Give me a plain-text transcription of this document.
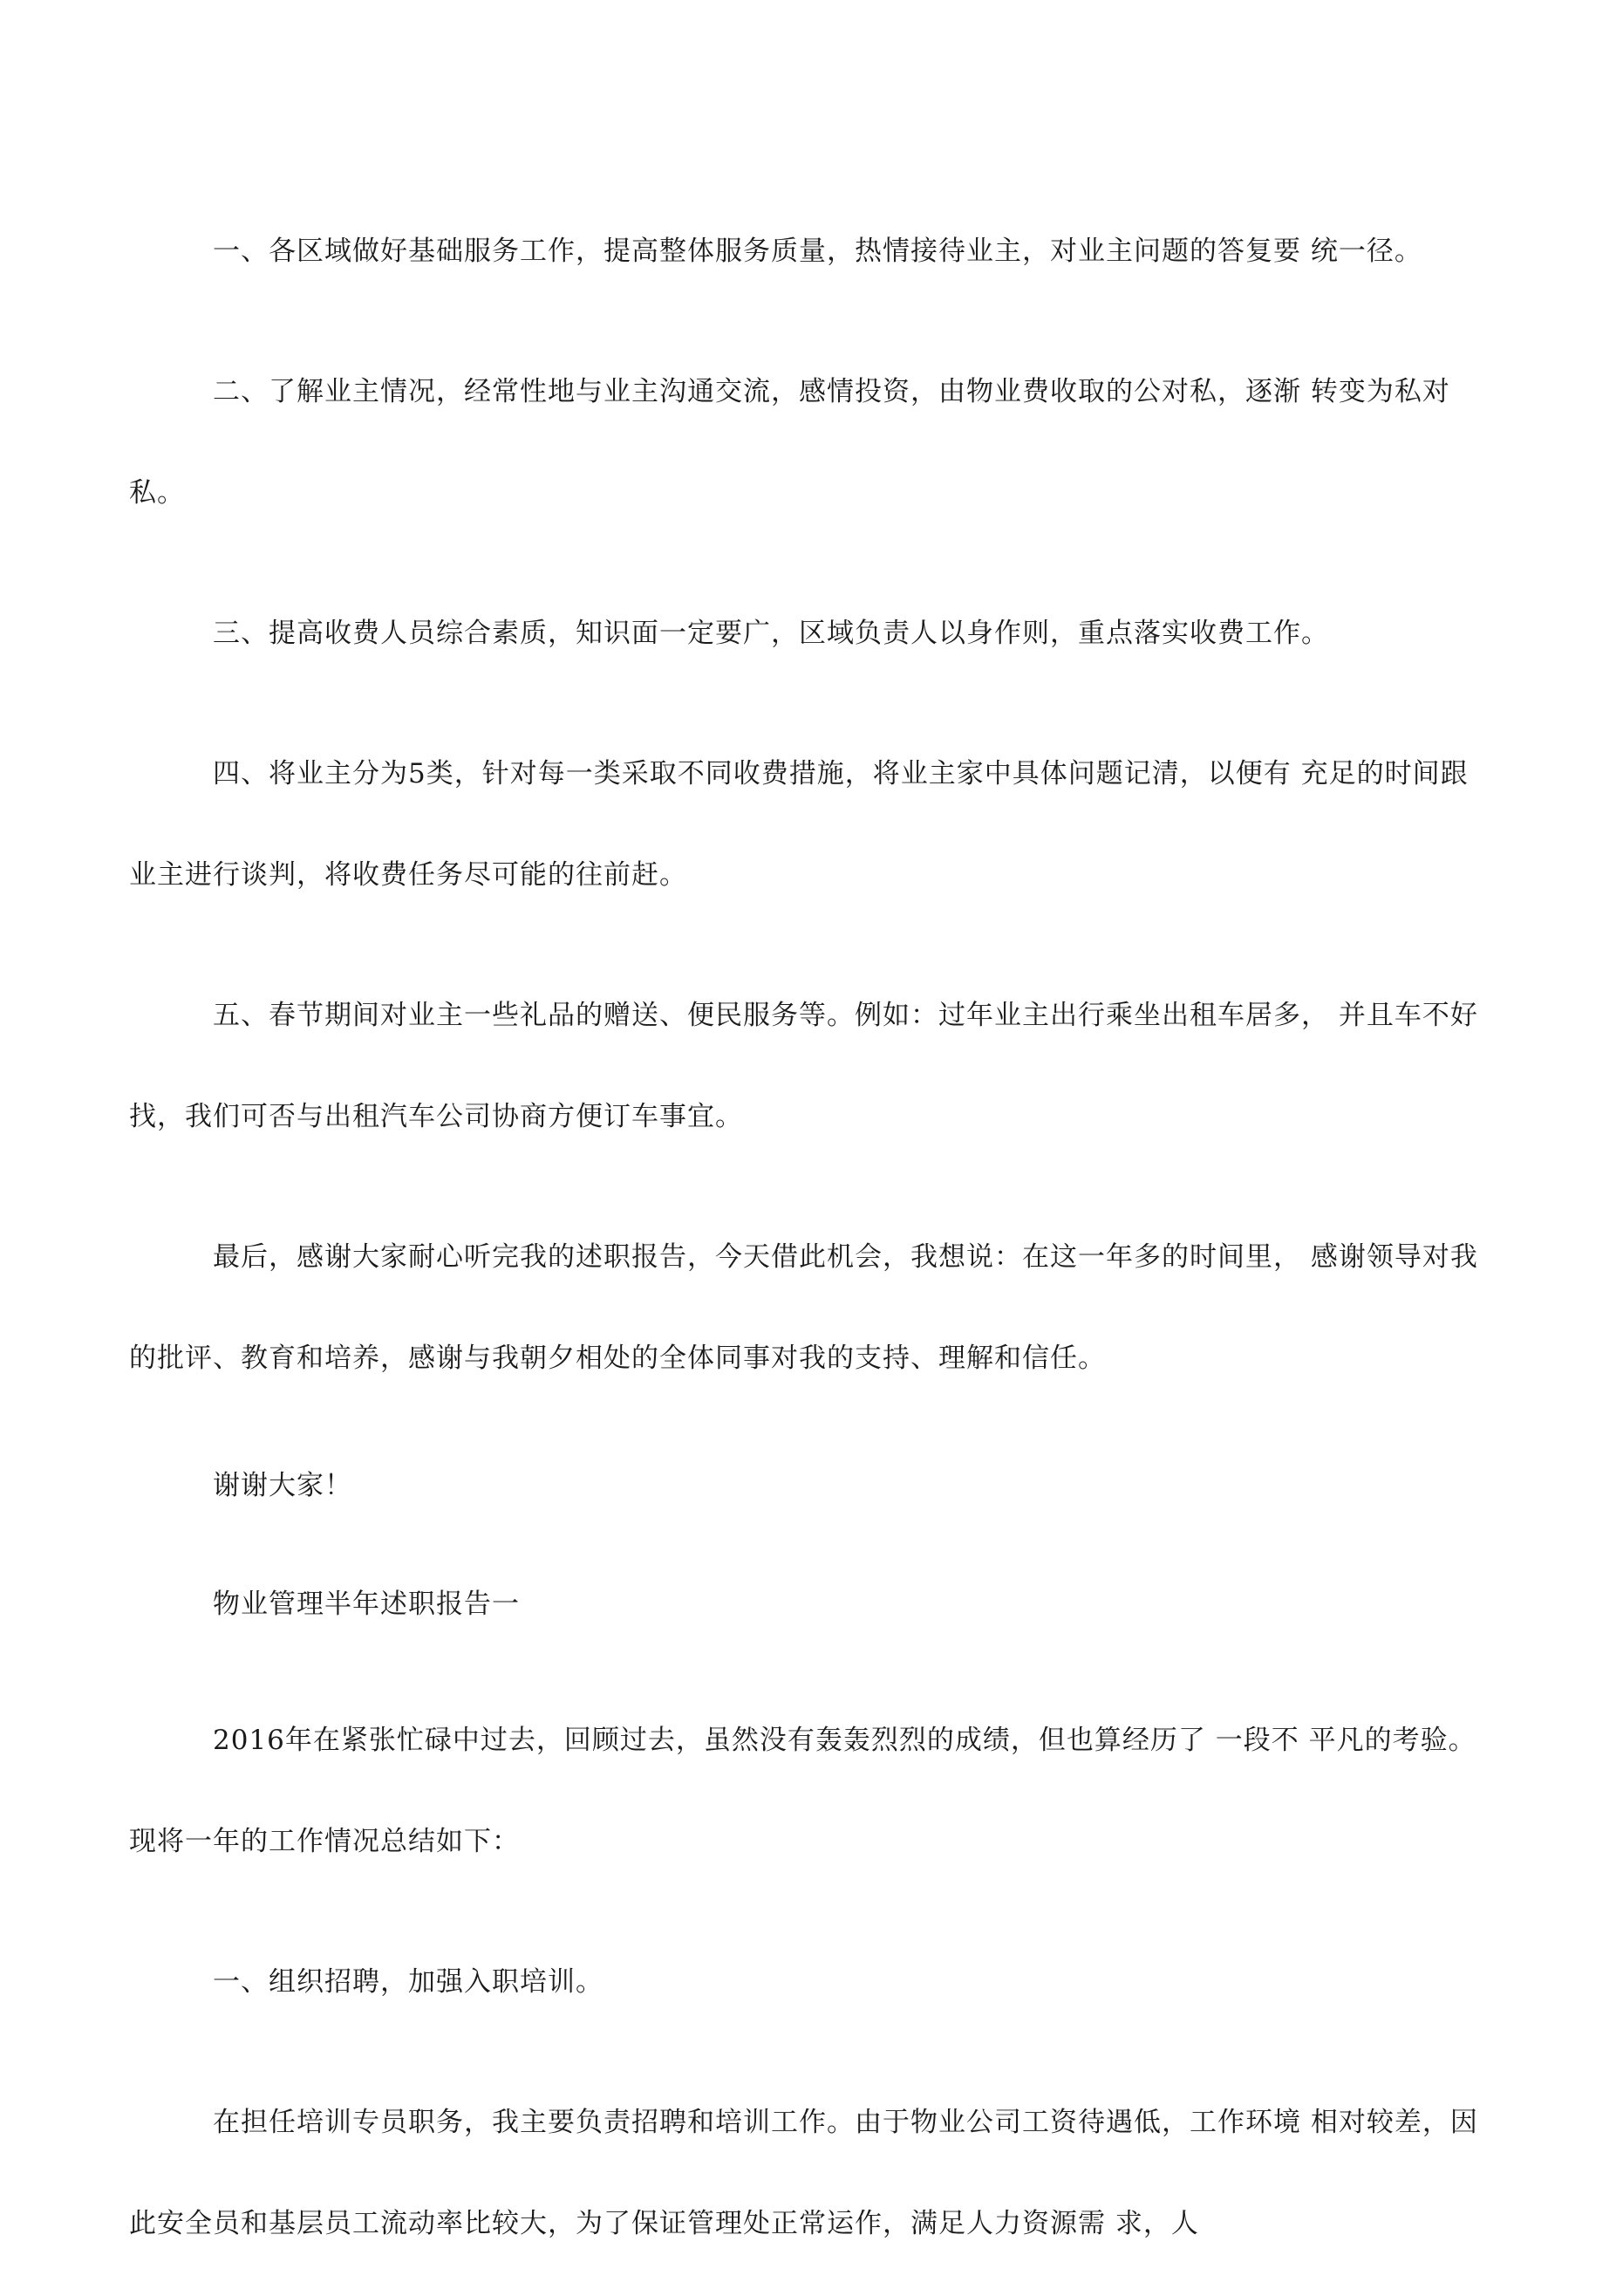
一、各区域做好基础服务工作，提高整体服务质量，热情接待业主，对业主问题的答复要 统一径。

二、了解业主情况，经常性地与业主沟通交流，感情投资，由物业费收取的公对私，逐渐 转变为私对私。

三、提高收费人员综合素质，知识面一定要广，区域负责人以身作则，重点落实收费工作。

四、将业主分为5类，针对每一类采取不同收费措施，将业主家中具体问题记清，以便有 充足的时间跟业主进行谈判，将收费任务尽可能的往前赶。

五、春节期间对业主一些礼品的赠送、便民服务等。例如：过年业主出行乘坐出租车居多， 并且车不好找，我们可否与出租汽车公司协商方便订车事宜。

最后，感谢大家耐心听完我的述职报告，今天借此机会，我想说：在这一年多的时间里， 感谢领导对我的批评、教育和培养，感谢与我朝夕相处的全体同事对我的支持、理解和信任。

谢谢大家！

物业管理半年述职报告一

2016年在紧张忙碌中过去，回顾过去，虽然没有轰轰烈烈的成绩，但也算经历了 一段不 平凡的考验。现将一年的工作情况总结如下：

一、组织招聘，加强入职培训。

在担任培训专员职务，我主要负责招聘和培训工作。由于物业公司工资待遇低，工作环境 相对较差，因此安全员和基层员工流动率比较大，为了保证管理处正常运作，满足人力资源需 求，人
